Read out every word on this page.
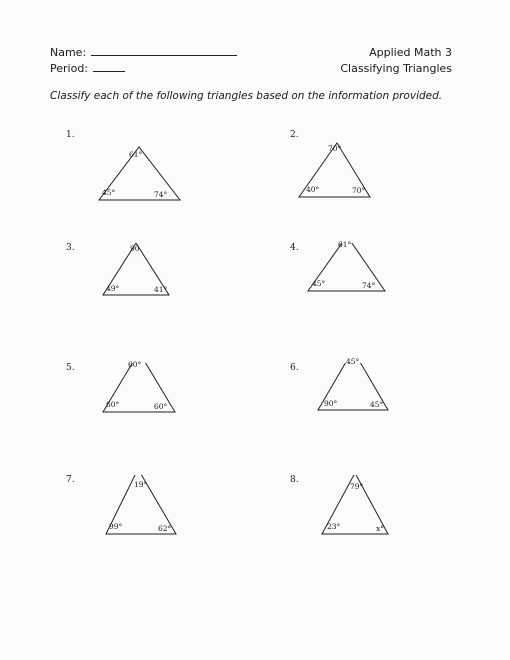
Name:
Period:
Applied Math 3
Classifying Triangles
Classify each of the following triangles based on the information provided.
1.
61°
45°	74°
2.
70°
40°	70°
3.	90
49°	41°
4.	61°
45°	74°
5.	60°
60°	60°
6.
45°
90°	45°
7.	19°
99°	62°
8.
79°
23°	x°
